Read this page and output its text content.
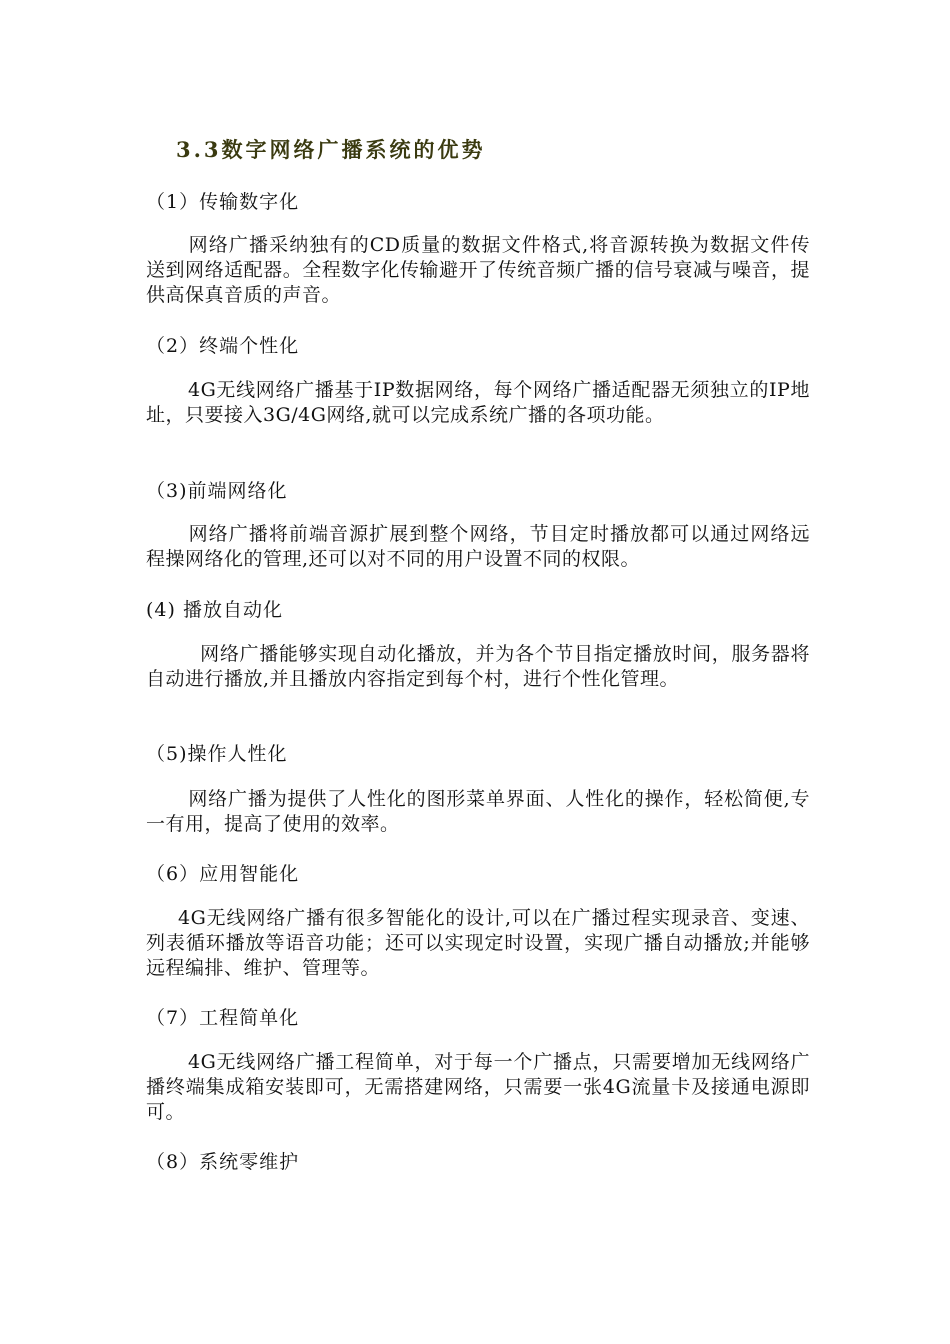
3.3数字网络广播系统的优势
（1）传输数字化
网络广播采纳独有的CD质量的数据文件格式,将音源转换为数据文件传送到网络适配器。全程数字化传输避开了传统音频广播的信号衰减与噪音，提供高保真音质的声音。
（2）终端个性化
4G无线网络广播基于IP数据网络，每个网络广播适配器无须独立的IP地址，只要接入3G/4G网络,就可以完成系统广播的各项功能。
（3)前端网络化
网络广播将前端音源扩展到整个网络，节目定时播放都可以通过网络远程操网络化的管理,还可以对不同的用户设置不同的权限。
(4) 播放自动化
网络广播能够实现自动化播放，并为各个节目指定播放时间，服务器将自动进行播放,并且播放内容指定到每个村，进行个性化管理。
（5)操作人性化
网络广播为提供了人性化的图形菜单界面、人性化的操作，轻松简便,专一有用，提高了使用的效率。
（6）应用智能化
4G无线网络广播有很多智能化的设计,可以在广播过程实现录音、变速、列表循环播放等语音功能；还可以实现定时设置，实现广播自动播放;并能够远程编排、维护、管理等。
（7）工程简单化
4G无线网络广播工程简单，对于每一个广播点，只需要增加无线网络广播终端集成箱安装即可，无需搭建网络，只需要一张4G流量卡及接通电源即可。
（8）系统零维护
